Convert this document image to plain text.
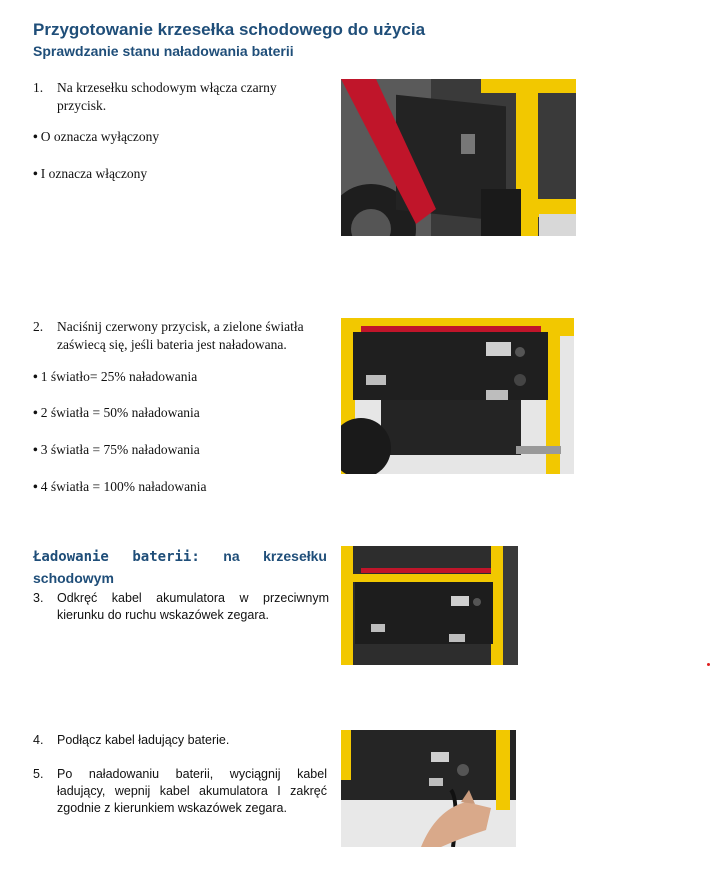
Przygotowanie krzesełka schodowego do użycia
Sprawdzanie stanu naładowania baterii
1. Na krzesełku schodowym włącza czarny
przycisk.
• O oznacza wyłączony
• I oznacza włączony
2. Naciśnij czerwony przycisk, a zielone światła
zaświecą się, jeśli bateria jest naładowana.
• 1 światło= 25% naładowania
• 2 światła = 50% naładowania
• 3 światła = 75% naładowania
• 4 światła = 100% naładowania
Ładowanie baterii: na krzesełku
schodowym
3.	Odkręć kabel akumulatora w przeciwnym
kierunku do ruchu wskazówek zegara.
4. Podłącz kabel ładujący baterie.
5.	Po naładowaniu baterii, wyciągnij kabel
ładujący, wepnij kabel akumulatora I zakręć
zgodnie z kierunkiem wskazówek zegara.
